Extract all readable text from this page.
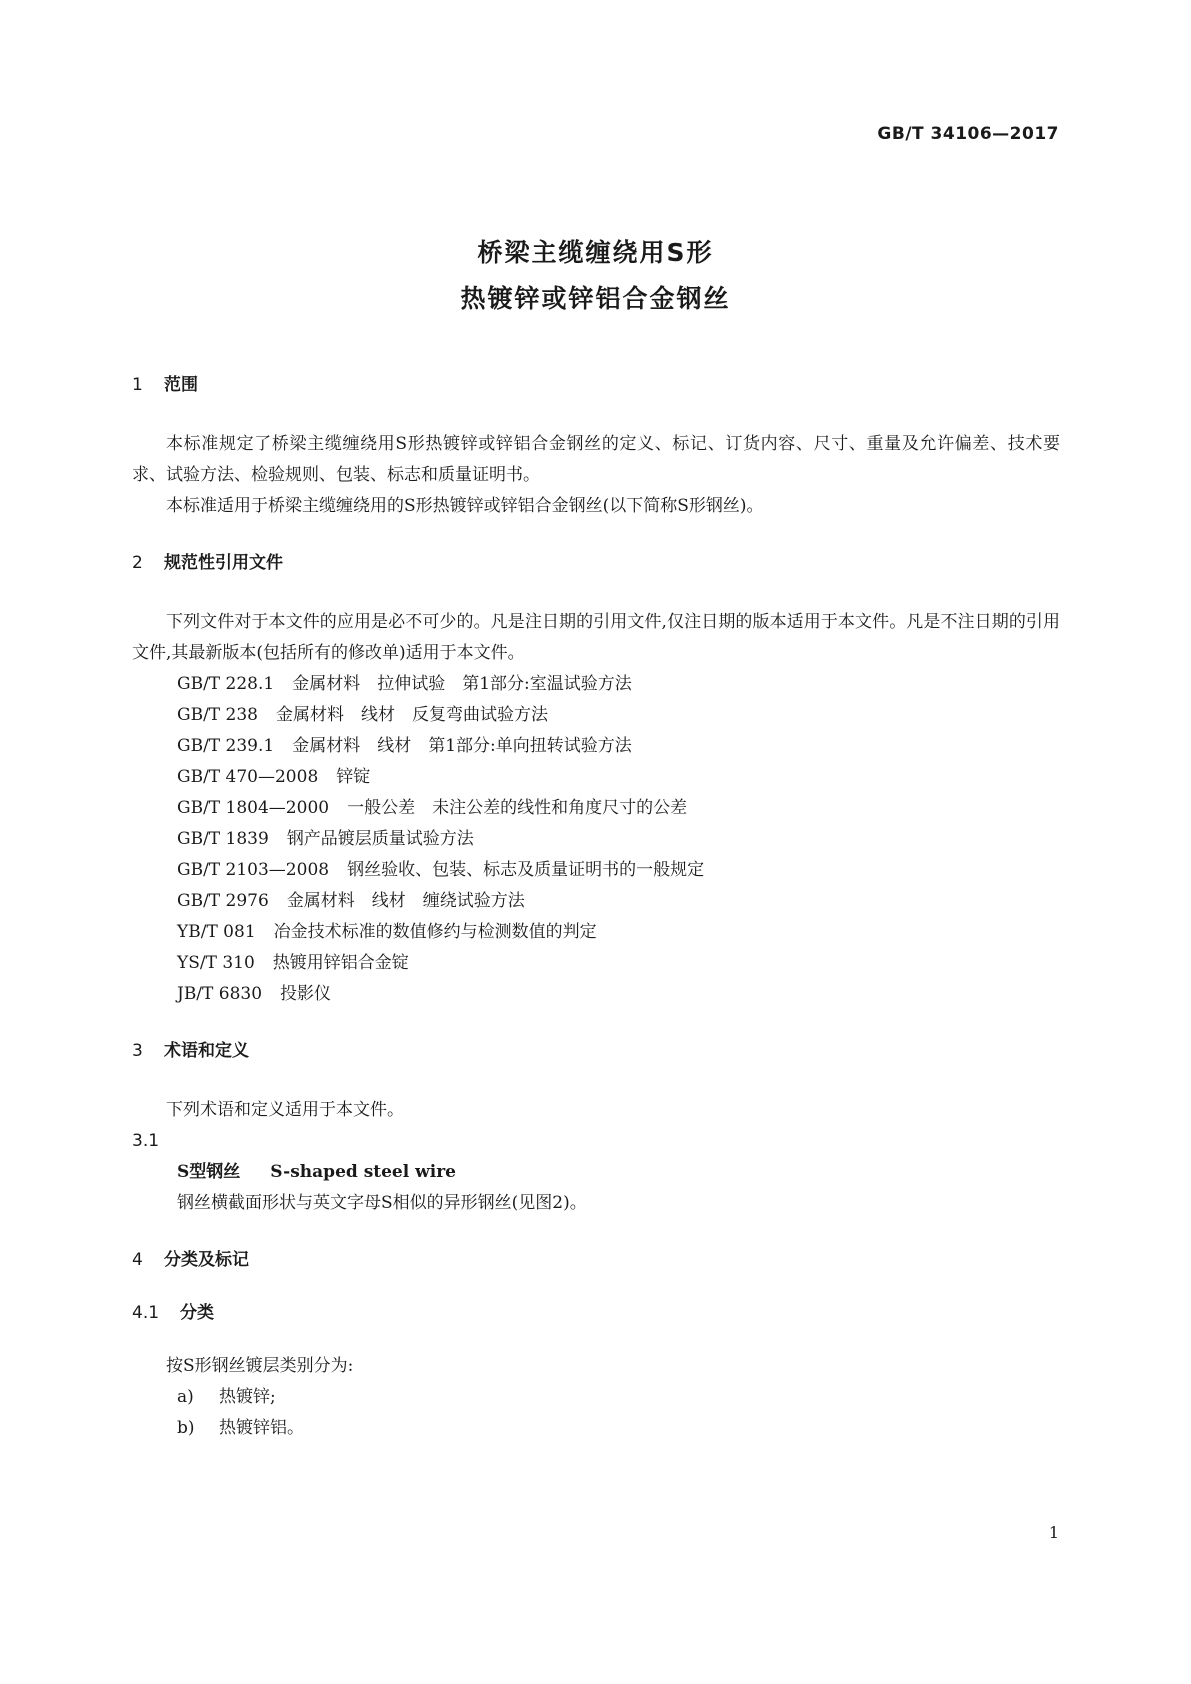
GB/T 34106—2017
桥梁主缆缠绕用S形
热镀锌或锌铝合金钢丝

1 范围

本标准规定了桥梁主缆缠绕用S形热镀锌或锌铝合金钢丝的定义、标记、订货内容、尺寸、重量及允许偏差、技术要求、试验方法、检验规则、包装、标志和质量证明书。

本标准适用于桥梁主缆缠绕用的S形热镀锌或锌铝合金钢丝(以下简称S形钢丝)。

2 规范性引用文件

下列文件对于本文件的应用是必不可少的。凡是注日期的引用文件,仅注日期的版本适用于本文件。凡是不注日期的引用文件,其最新版本(包括所有的修改单)适用于本文件。

GB/T 228.1 金属材料　拉伸试验　第1部分:室温试验方法

GB/T 238 金属材料　线材　反复弯曲试验方法

GB/T 239.1 金属材料　线材　第1部分:单向扭转试验方法

GB/T 470—2008 锌锭

GB/T 1804—2000 一般公差　未注公差的线性和角度尺寸的公差

GB/T 1839 钢产品镀层质量试验方法

GB/T 2103—2008 钢丝验收、包装、标志及质量证明书的一般规定

GB/T 2976 金属材料　线材　缠绕试验方法

YB/T 081 冶金技术标准的数值修约与检测数值的判定

YS/T 310 热镀用锌铝合金锭

JB/T 6830 投影仪

3 术语和定义

下列术语和定义适用于本文件。

3.1

S型钢丝 S-shaped steel wire

钢丝横截面形状与英文字母S相似的异形钢丝(见图2)。

4 分类及标记

4.1 分类

按S形钢丝镀层类别分为:

a) 热镀锌;

b) 热镀锌铝。

1
